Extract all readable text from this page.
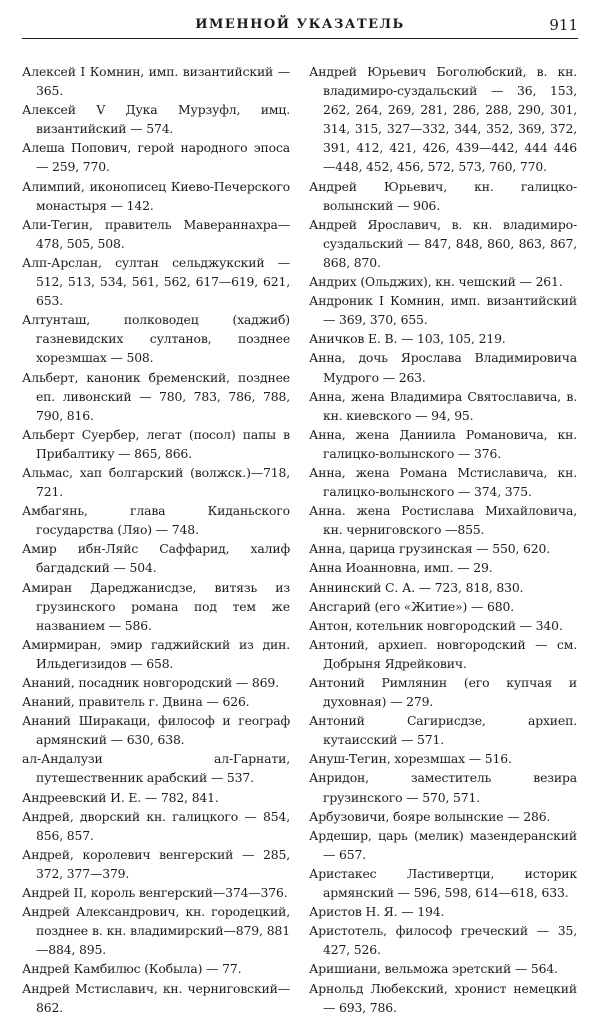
ИМЕННОЙ УКАЗАТЕЛЬ	911

Алексей I Комнин, имп. византийский — 365.

Алексей V Дука Мурзуфл, имц. византийский — 574.

Алеша Попович, герой народного эпоса — 259, 770.

Алимпий, иконописец Киево-Печерского монастыря — 142.

Али-Тегин, правитель Мавераннахра—478, 505, 508.

Алп-Арслан, султан сельджукский — 512, 513, 534, 561, 562, 617—619, 621, 653.

Алтунташ, полководец (хаджиб) газневидских султанов, позднее хорезмшах — 508.

Альберт, каноник бременский, позднее еп. ливонский — 780, 783, 786, 788, 790, 816.

Альберт Суербер, легат (посол) папы в Прибалтику — 865, 866.

Альмас, хап болгарский (волжск.)—718, 721.

Амбагянь, глава Киданьского государства (Ляо) — 748.

Амир ибн-Ляйс Саффарид, халиф багдадский — 504.

Амиран Дареджанисдзе, витязь из грузинского романа под тем же названием — 586.

Амирмиран, эмир гаджийский из дин. Ильдегизидов — 658.

Ананий, посадник новгородский — 869.

Ананий, правитель г. Двина — 626.

Ананий Ширакаци, философ и географ армянский — 630, 638.

ал-Андалузи ал-Гарнати, путешественник арабский — 537.

Андреевский И. Е. — 782, 841.

Андрей, дворский кн. галицкого — 854, 856, 857.

Андрей, королевич венгерский — 285, 372, 377—379.

Андрей II, король венгерский—374—376.

Андрей Александрович, кн. городецкий, позднее в. кн. владимирский—879, 881—884, 895.

Андрей Камбилюс (Кобыла) — 77.

Андрей Мстиславич, кн. черниговский—862.

Андрей Юрьевич Боголюбский, в. кн. владимиро-суздальский — 36, 153, 262, 264, 269, 281, 286, 288, 290, 301, 314, 315, 327—332, 344, 352, 369, 372, 391, 412, 421, 426, 439—442, 444 446 —448, 452, 456, 572, 573, 760, 770.

Андрей Юрьевич, кн. галицко-волынский — 906.

Андрей Ярославич, в. кн. владимиро-суздальский — 847, 848, 860, 863, 867, 868, 870.

Андрих (Ольджих), кн. чешский — 261.

Андроник I Комнин, имп. византийский — 369, 370, 655.

Аничков Е. В. — 103, 105, 219.

Анна, дочь Ярослава Владимировича Мудрого — 263.

Анна, жена Владимира Святославича, в. кн. киевского — 94, 95.

Анна, жена Даниила Романовича, кн. галицко-волынского — 376.

Анна, жена Романа Мстиславича, кн. галицко-волынского — 374, 375.

Анна. жена Ростислава Михайловича, кн. черниговского —855.

Анна, царица грузинская — 550, 620.

Анна Иоанновна, имп. — 29.

Аннинский С. А. — 723, 818, 830.

Ансгарий (его «Житие») — 680.

Антон, котельник новгородский — 340.

Антоний, архиеп. новгородский — см. Добрыня Ядрейкович.

Антоний Римлянин (его купчая и духовная) — 279.

Антоний Сагирисдзе, архиеп. кутаисский — 571.

Ануш-Тегин, хорезмшах — 516.

Анридон, заместитель везира грузинского — 570, 571.

Арбузовичи, бояре волынские — 286.

Ардешир, царь (мелик) мазендеранский — 657.

Аристакес Ластивертци, историк армянский — 596, 598, 614—618, 633.

Аристов Н. Я. — 194.

Аристотель, философ греческий — 35, 427, 526.

Аришиани, вельможа эретский — 564.

Арнольд Любекский, хронист немецкий — 693, 786.
